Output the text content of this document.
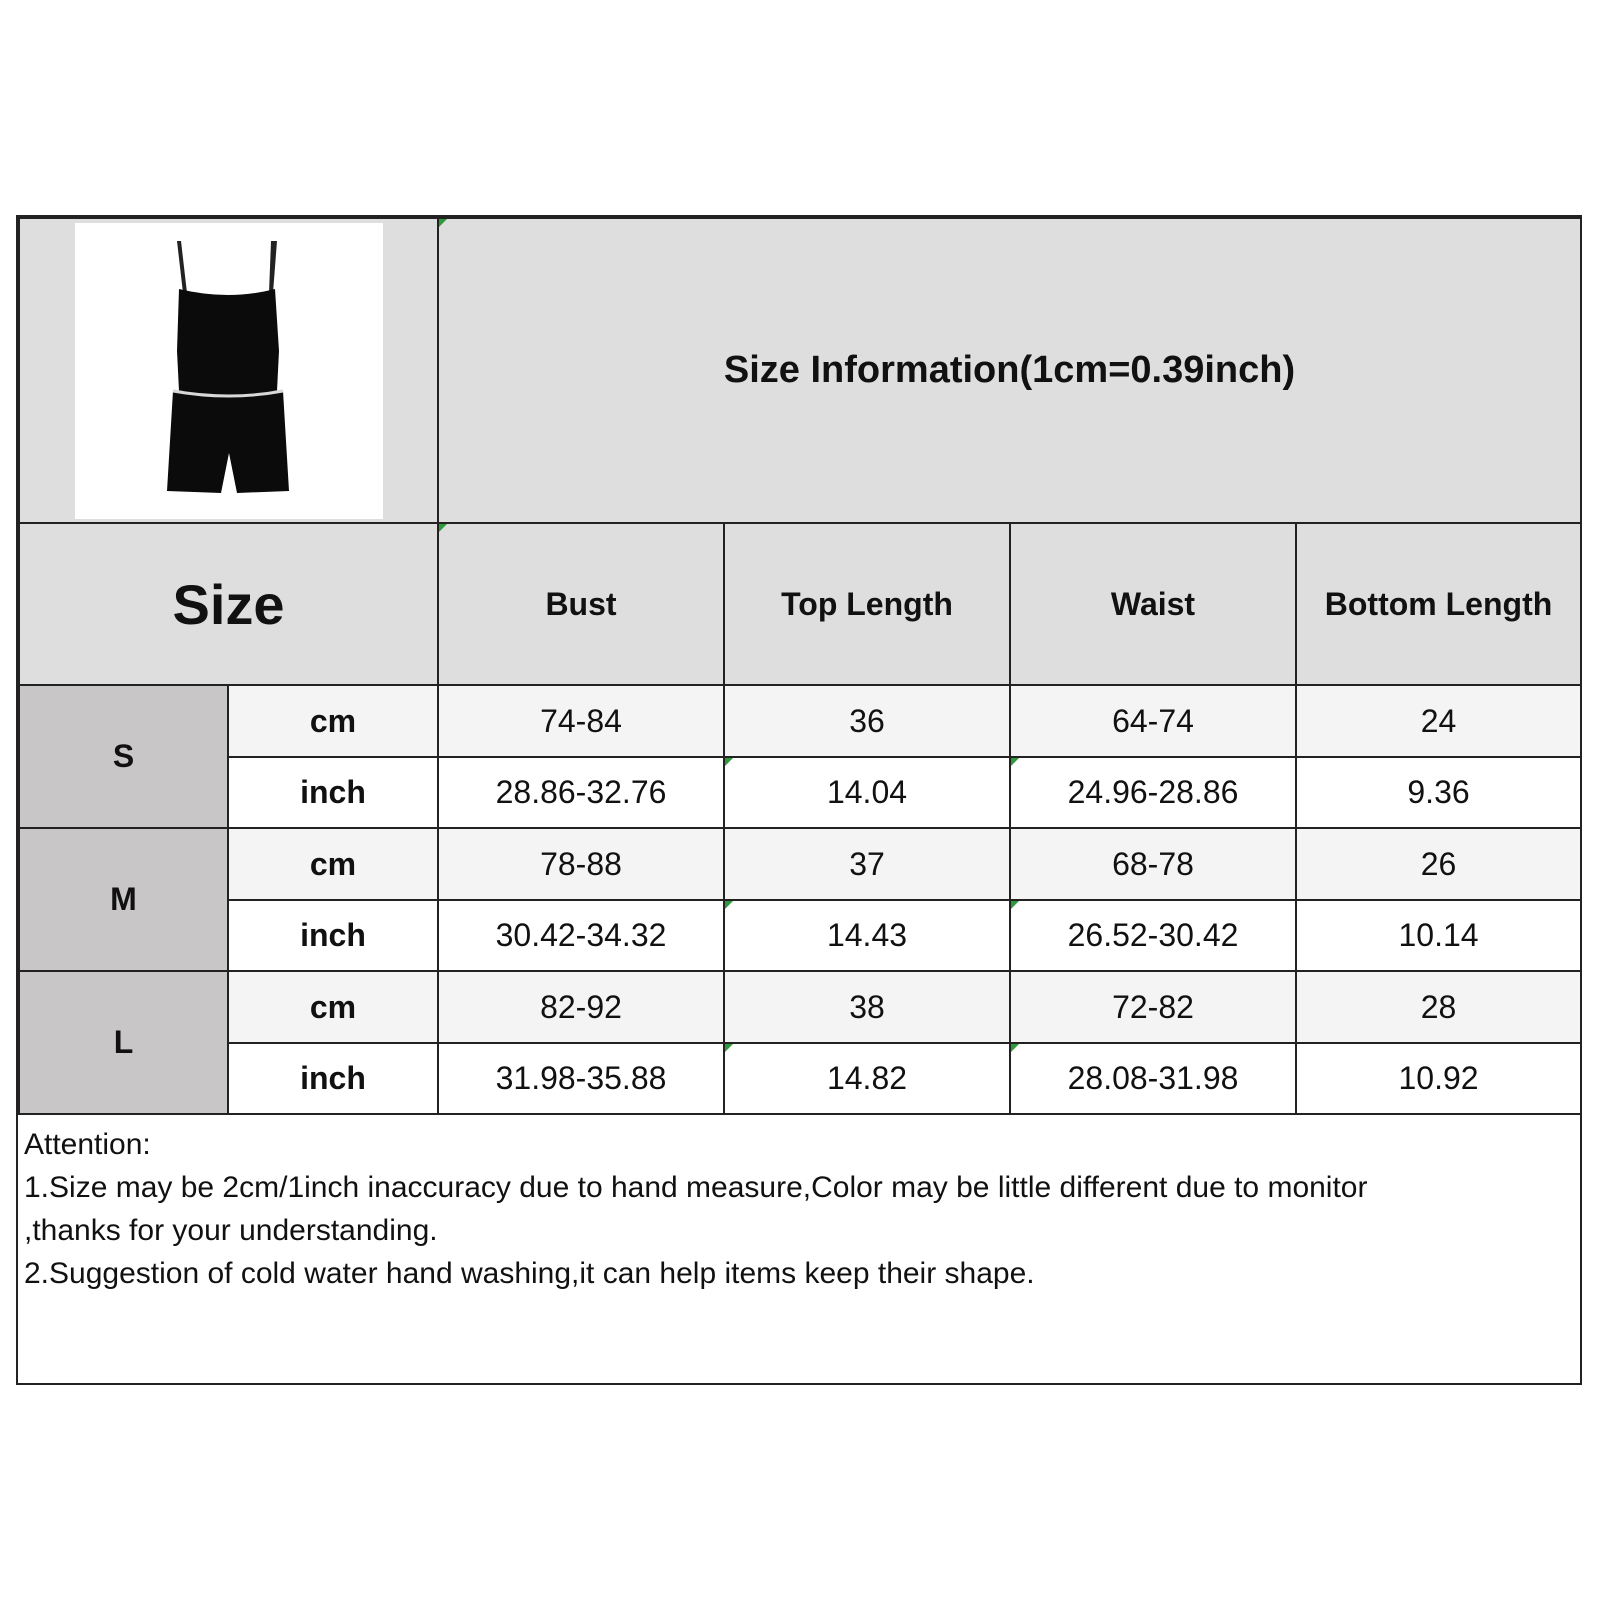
Size Information(1cm=0.39inch)			
Size		Bust	Top Length	Waist	Bottom Length
S	cm	74-84	36	64-74	24
	inch	28.86-32.76	14.04	24.96-28.86	9.36
M	cm	78-88	37	68-78	26
	inch	30.42-34.32	14.43	26.52-30.42	10.14
L	cm	82-92	38	72-82	28
	inch	31.98-35.88	14.82	28.08-31.98	10.92
Attention:
1.Size may be 2cm/1inch inaccuracy due to hand measure,Color may be little different due to monitor
,thanks for your understanding.
2.Suggestion of cold water hand washing,it can help items keep their shape.
